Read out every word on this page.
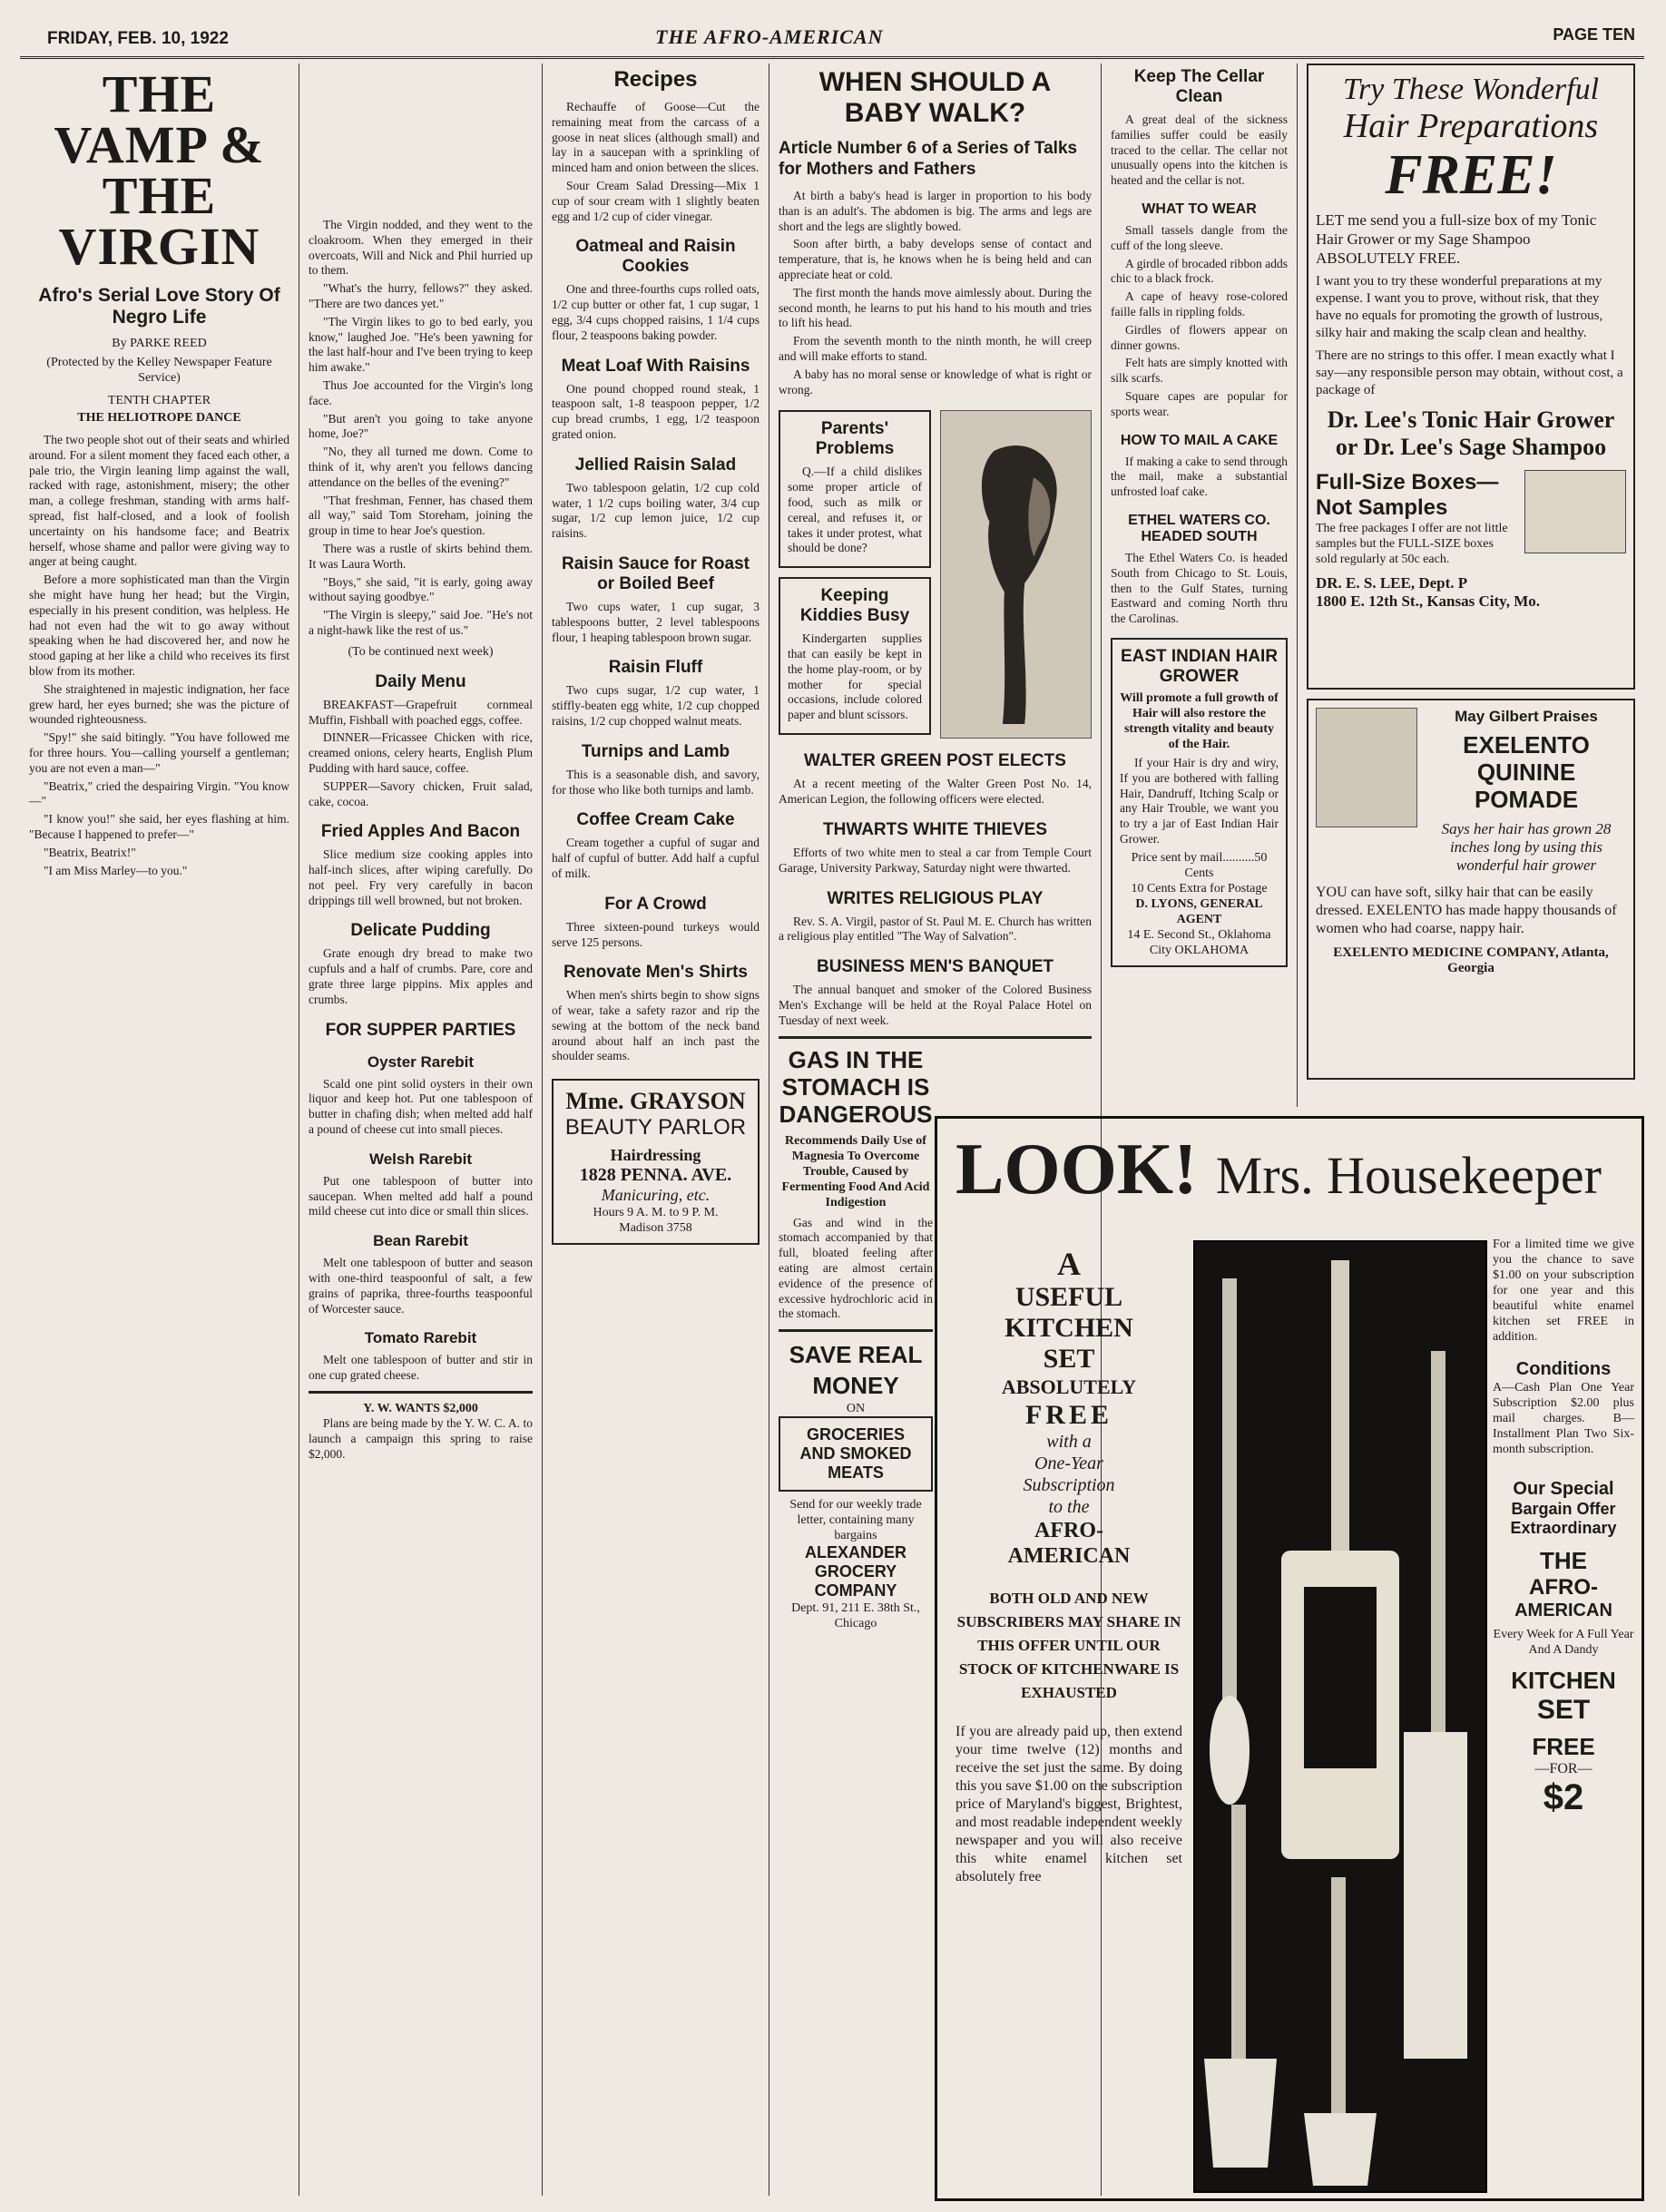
FRIDAY, FEB. 10, 1922	THE AFRO-AMERICAN	PAGE TEN
THE VAMP & THE VIRGIN
Afro's Serial Love Story Of Negro Life
By PARKE REED
(Protected by the Kelley Newspaper Feature Service)
TENTH CHAPTER
THE HELIOTROPE DANCE

The two people shot out of their seats and whirled around. For a silent moment they faced each other, a pale trio, the Virgin leaning limp against the wall, racked with rage, astonishment, misery; the other man, a college freshman, standing with arms half-spread, fist half-closed, and a look of foolish uncertainty on his handsome face; and Beatrix herself, whose shame and pallor were giving way to anger at being caught.

Before a more sophisticated man than the Virgin she might have hung her head; but the Virgin, especially in his present condition, was helpless. He had not even had the wit to go away without speaking when he had discovered her, and now he stood gaping at her like a child who receives its first blow from its mother.

She straightened in majestic indignation, her face grew hard, her eyes burned; she was the picture of wounded righteousness.

"Spy!" she said bitingly. "You have followed me for three hours. You—calling yourself a gentleman; you are not even a man—"

"Beatrix," cried the despairing Virgin. "You know—"

"I know you!" she said, her eyes flashing at him. "Because I happened to prefer—"

"Beatrix, Beatrix!"

"I am Miss Marley—to you."

The Virgin nodded, and they went to the cloakroom. When they emerged in their overcoats, Will and Nick and Phil hurried up to them.

"What's the hurry, fellows?" they asked. "There are two dances yet."

"The Virgin likes to go to bed early, you know," laughed Joe. "He's been yawning for the last half-hour and I've been trying to keep him awake."

Thus Joe accounted for the Virgin's long face.

"But aren't you going to take anyone home, Joe?"

"No, they all turned me down. Come to think of it, why aren't you fellows dancing attendance on the belles of the evening?"

"That freshman, Fenner, has chased them all way," said Tom Storeham, joining the group in time to hear Joe's question.

There was a rustle of skirts behind them. It was Laura Worth.

"Boys," she said, "it is early, going away without saying goodbye."

"The Virgin is sleepy," said Joe. "He's not a night-hawk like the rest of us."

(To be continued next week)
Daily Menu

BREAKFAST—Grapefruit cornmeal Muffin, Fishball with poached eggs, coffee.

DINNER—Fricassee Chicken with rice, creamed onions, celery hearts, English Plum Pudding with hard sauce, coffee.

SUPPER—Savory chicken, Fruit salad, cake, cocoa.

Fried Apples And Bacon

Slice medium size cooking apples into half-inch slices, after wiping carefully. Do not peel. Fry very carefully in bacon drippings till well browned, but not broken.

Delicate Pudding

Grate enough dry bread to make two cupfuls and a half of crumbs. Pare, core and grate three large pippins. Mix apples and crumbs.

FOR SUPPER PARTIES
Oyster Rarebit

Scald one pint solid oysters in their own liquor and keep hot. Put one tablespoon of butter in chafing dish; when melted add half a pound of cheese cut into small pieces.

Welsh Rarebit

Put one tablespoon of butter into saucepan. When melted add half a pound mild cheese cut into dice or small thin slices.

Bean Rarebit

Melt one tablespoon of butter and season with one-third teaspoonful of salt, a few grains of paprika, three-fourths teaspoonful of Worcester sauce.

Tomato Rarebit

Melt one tablespoon of butter and stir in one cup grated cheese.

Y. W. WANTS $2,000

Plans are being made by the Y. W. C. A. to launch a campaign this spring to raise $2,000.

Recipes

Rechauffe of Goose—Cut the remaining meat from the carcass of a goose in neat slices (although small) and lay in a saucepan with a sprinkling of minced ham and onion between the slices.

Sour Cream Salad Dressing—Mix 1 cup of sour cream with 1 slightly beaten egg and 1/2 cup of cider vinegar.

Oatmeal and Raisin Cookies

One and three-fourths cups rolled oats, 1/2 cup butter or other fat, 1 cup sugar, 1 egg, 3/4 cups chopped raisins, 1 1/4 cups flour, 2 teaspoons baking powder.

Meat Loaf With Raisins

One pound chopped round steak, 1 teaspoon salt, 1-8 teaspoon pepper, 1/2 cup bread crumbs, 1 egg, 1/2 teaspoon grated onion.

Jellied Raisin Salad

Two tablespoon gelatin, 1/2 cup cold water, 1 1/2 cups boiling water, 3/4 cup sugar, 1/2 cup lemon juice, 1/2 cup raisins.

Raisin Sauce for Roast or Boiled Beef

Two cups water, 1 cup sugar, 3 tablespoons butter, 2 level tablespoons flour, 1 heaping tablespoon brown sugar.

Raisin Fluff

Two cups sugar, 1/2 cup water, 1 stiffly-beaten egg white, 1/2 cup chopped raisins, 1/2 cup chopped walnut meats.

Turnips and Lamb

This is a seasonable dish, and savory, for those who like both turnips and lamb.

Coffee Cream Cake

Cream together a cupful of sugar and half of cupful of butter. Add half a cupful of milk.

For A Crowd

Three sixteen-pound turkeys would serve 125 persons.

Renovate Men's Shirts

When men's shirts begin to show signs of wear, take a safety razor and rip the sewing at the bottom of the neck band around about half an inch past the shoulder seams.

Mme. GRAYSON
BEAUTY PARLOR
Hairdressing
1828 PENNA. AVE.
Manicuring, etc.
Hours 9 A. M. to 9 P. M.
Madison 3758
WHEN SHOULD A BABY WALK?
Article Number 6 of a Series of Talks for Mothers and Fathers

At birth a baby's head is larger in proportion to his body than is an adult's. The abdomen is big. The arms and legs are short and the legs are slightly bowed.

Soon after birth, a baby develops sense of contact and temperature, that is, he knows when he is being held and can appreciate heat or cold.

The first month the hands move aimlessly about. During the second month, he learns to put his hand to his mouth and tries to lift his head.

From the seventh month to the ninth month, he will creep and will make efforts to stand.

A baby has no moral sense or knowledge of what is right or wrong.

Parents' Problems

Q.—If a child dislikes some proper article of food, such as milk or cereal, and refuses it, or takes it under protest, what should be done?

Keeping Kiddies Busy

Kindergarten supplies that can easily be kept in the home play-room, or by mother for special occasions, include colored paper and blunt scissors.

WALTER GREEN POST ELECTS

At a recent meeting of the Walter Green Post No. 14, American Legion, the following officers were elected.

THWARTS WHITE THIEVES

Efforts of two white men to steal a car from Temple Court Garage, University Parkway, Saturday night were thwarted.

WRITES RELIGIOUS PLAY

Rev. S. A. Virgil, pastor of St. Paul M. E. Church has written a religious play entitled "The Way of Salvation".

BUSINESS MEN'S BANQUET

The annual banquet and smoker of the Colored Business Men's Exchange will be held at the Royal Palace Hotel on Tuesday of next week.

GAS IN THE STOMACH IS DANGEROUS
Recommends Daily Use of Magnesia To Overcome Trouble, Caused by Fermenting Food And Acid Indigestion

Gas and wind in the stomach accompanied by that full, bloated feeling after eating are almost certain evidence of the presence of excessive hydrochloric acid in the stomach.

SAVE REAL MONEY
ON
GROCERIES AND SMOKED MEATS
Send for our weekly trade letter, containing many bargains
ALEXANDER GROCERY COMPANY
Dept. 91, 211 E. 38th St., Chicago
Keep The Cellar Clean

A great deal of the sickness families suffer could be easily traced to the cellar. The cellar not unusually opens into the kitchen is heated and the cellar is not.

WHAT TO WEAR

Small tassels dangle from the cuff of the long sleeve.

A girdle of brocaded ribbon adds chic to a black frock.

A cape of heavy rose-colored faille falls in rippling folds.

Girdles of flowers appear on dinner gowns.

Felt hats are simply knotted with silk scarfs.

Square capes are popular for sports wear.

HOW TO MAIL A CAKE

If making a cake to send through the mail, make a substantial unfrosted loaf cake.

ETHEL WATERS CO. HEADED SOUTH

The Ethel Waters Co. is headed South from Chicago to St. Louis, then to the Gulf States, turning Eastward and coming North thru the Carolinas.

EAST INDIAN HAIR GROWER
Will promote a full growth of Hair will also restore the strength vitality and beauty of the Hair.

If your Hair is dry and wiry, If you are bothered with falling Hair, Dandruff, Itching Scalp or any Hair Trouble, we want you to try a jar of East Indian Hair Grower.

Price sent by mail..........50 Cents
10 Cents Extra for Postage
D. LYONS, GENERAL AGENT
14 E. Second St., Oklahoma City OKLAHOMA
Try These Wonderful
Hair Preparations
FREE!
LET me send you a full-size box of my Tonic Hair Grower or my Sage Shampoo ABSOLUTELY FREE.
I want you to try these wonderful preparations at my expense. I want you to prove, without risk, that they have no equals for promoting the growth of lustrous, silky hair and making the scalp clean and healthy.
There are no strings to this offer. I mean exactly what I say—any responsible person may obtain, without cost, a package of
Dr. Lee's Tonic Hair Grower or Dr. Lee's Sage Shampoo
Full-Size Boxes— Not Samples
The free packages I offer are not little samples but the FULL-SIZE boxes sold regularly at 50c each.
DR. E. S. LEE, Dept. P
1800 E. 12th St., Kansas City, Mo.
May Gilbert Praises
EXELENTO QUININE POMADE
Says her hair has grown 28 inches long by using this wonderful hair grower
YOU can have soft, silky hair that can be easily dressed. EXELENTO has made happy thousands of women who had coarse, nappy hair.
EXELENTO MEDICINE COMPANY, Atlanta, Georgia
LOOK! Mrs. Housekeeper
A
USEFUL
KITCHEN
SET
ABSOLUTELY
FREE
with a
One-Year
Subscription
to the
AFRO-
AMERICAN
BOTH OLD AND NEW SUBSCRIBERS MAY SHARE IN THIS OFFER UNTIL OUR STOCK OF KITCHENWARE IS EXHAUSTED
If you are already paid up, then extend your time twelve (12) months and receive the set just the same. By doing this you save $1.00 on the subscription price of Maryland's biggest, Brightest, and most readable independent weekly newspaper and you will also receive this white enamel kitchen set absolutely free
For a limited time we give you the chance to save $1.00 on your subscription for one year and this beautiful white enamel kitchen set FREE in addition.
Conditions
A—Cash Plan One Year Subscription $2.00 plus mail charges. B—Installment Plan Two Six-month subscription.
Our Special
Bargain Offer
Extraordinary
THE
AFRO-
AMERICAN
Every Week for A Full Year And A Dandy
KITCHEN
SET
FREE
—FOR—
$2
